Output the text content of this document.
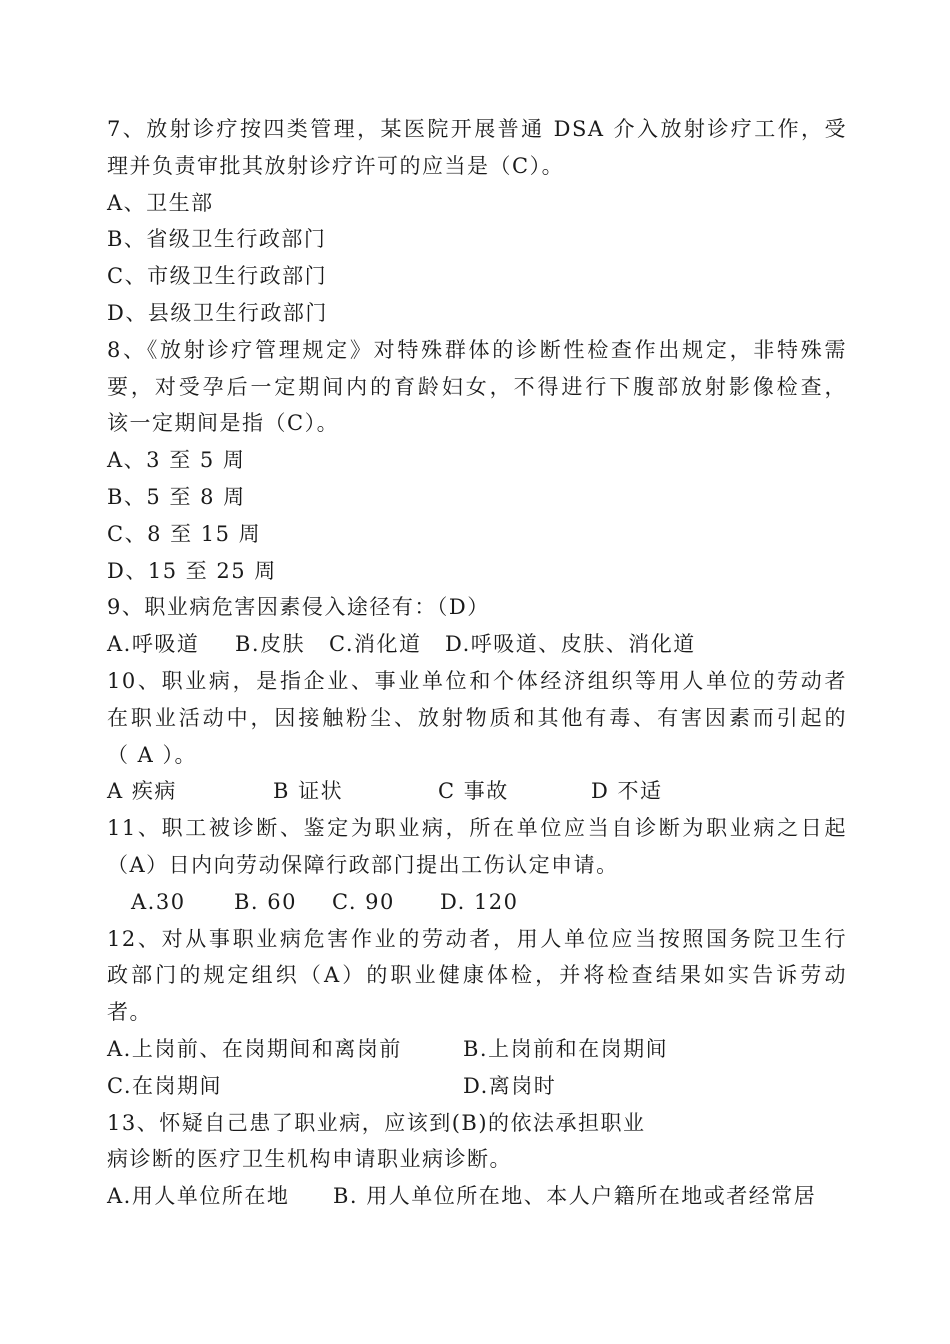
7、放射诊疗按四类管理，某医院开展普通 DSA 介入放射诊疗工作，受
理并负责审批其放射诊疗许可的应当是（C）。
A、卫生部
B、省级卫生行政部门
C、市级卫生行政部门
D、县级卫生行政部门
8、《放射诊疗管理规定》对特殊群体的诊断性检查作出规定，非特殊需
要，对受孕后一定期间内的育龄妇女，不得进行下腹部放射影像检查，
该一定期间是指（C）。
A、3 至 5 周
B、5 至 8 周
C、8 至 15 周
D、15 至 25 周
9、职业病危害因素侵入途径有：（D）
A.呼吸道	B.皮肤	C.消化道	D.呼吸道、皮肤、消化道
10、职业病，是指企业、事业单位和个体经济组织等用人单位的劳动者
在职业活动中，因接触粉尘、放射物质和其他有毒、有害因素而引起的
（ A ）。
A 疾病	B 证状	C 事故	D 不适
11、职工被诊断、鉴定为职业病，所在单位应当自诊断为职业病之日起
（A）日内向劳动保障行政部门提出工伤认定申请。
A.30	B. 60	C. 90	D. 120
12、对从事职业病危害作业的劳动者，用人单位应当按照国务院卫生行
政部门的规定组织（A）的职业健康体检，并将检查结果如实告诉劳动
者。
A.上岗前、在岗期间和离岗前	B.上岗前和在岗期间
C.在岗期间	D.离岗时
13、怀疑自己患了职业病，应该到(B)的依法承担职业
病诊断的医疗卫生机构申请职业病诊断。
A.用人单位所在地	B. 用人单位所在地、本人户籍所在地或者经常居
